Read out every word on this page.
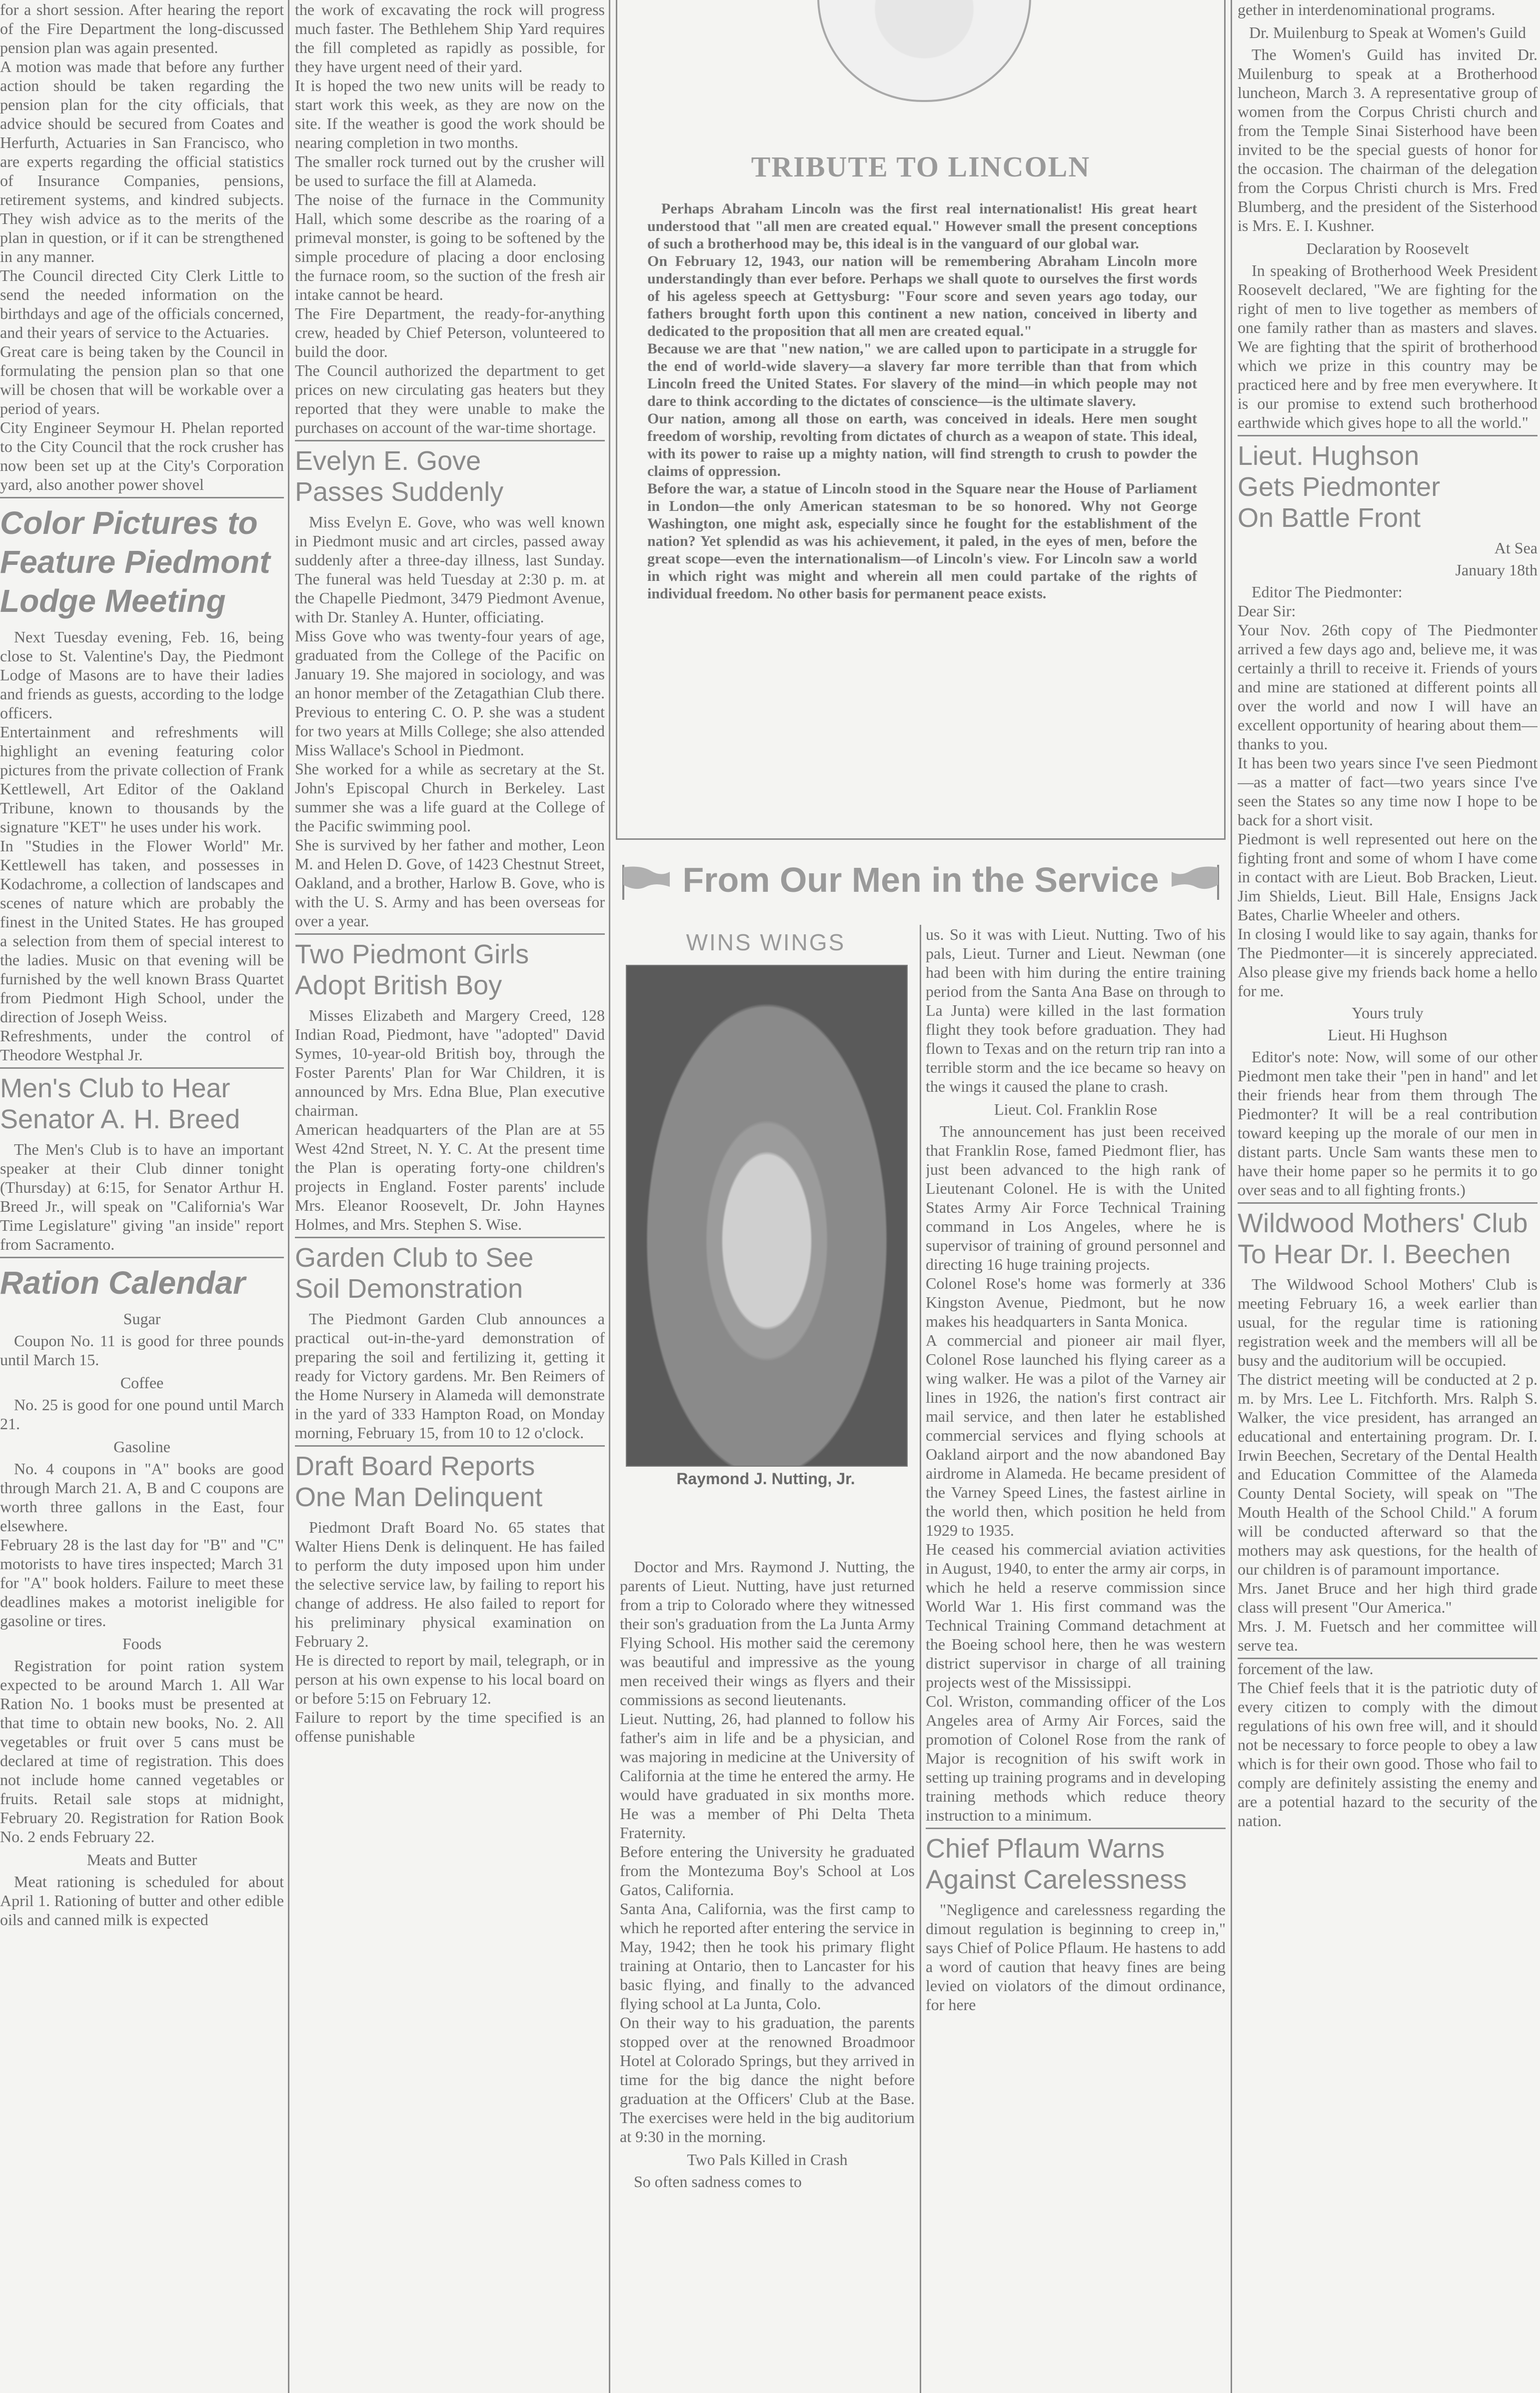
for a short session. After hearing the report of the Fire Department the long-discussed pension plan was again presented.
A motion was made that before any further action should be taken regarding the pension plan for the city officials, that advice should be secured from Coates and Herfurth, Actuaries in San Francisco, who are experts regarding the official statistics of Insurance Companies, pensions, retirement systems, and kindred subjects. They wish advice as to the merits of the plan in question, or if it can be strengthened in any manner.
The Council directed City Clerk Little to send the needed information on the birthdays and age of the officials concerned, and their years of service to the Actuaries.
Great care is being taken by the Council in formulating the pension plan so that one will be chosen that will be workable over a period of years.
City Engineer Seymour H. Phelan reported to the City Council that the rock crusher has now been set up at the City's Corporation yard, also another power shovel

Color Pictures to
Feature Piedmont
Lodge Meeting

Next Tuesday evening, Feb. 16, being close to St. Valentine's Day, the Piedmont Lodge of Masons are to have their ladies and friends as guests, according to the lodge officers.
Entertainment and refreshments will highlight an evening featuring color pictures from the private collection of Frank Kettlewell, Art Editor of the Oakland Tribune, known to thousands by the signature "KET" he uses under his work.
In "Studies in the Flower World" Mr. Kettlewell has taken, and possesses in Kodachrome, a collection of landscapes and scenes of nature which are probably the finest in the United States. He has grouped a selection from them of special interest to the ladies. Music on that evening will be furnished by the well known Brass Quartet from Piedmont High School, under the direction of Joseph Weiss.
Refreshments, under the control of Theodore Westphal Jr.

Men's Club to Hear
Senator A. H. Breed

The Men's Club is to have an important speaker at their Club dinner tonight (Thursday) at 6:15, for Senator Arthur H. Breed Jr., will speak on "California's War Time Legislature" giving "an inside" report from Sacramento.

Ration Calendar
Sugar

Coupon No. 11 is good for three pounds until March 15.

Coffee

No. 25 is good for one pound until March 21.

Gasoline

No. 4 coupons in "A" books are good through March 21. A, B and C coupons are worth three gallons in the East, four elsewhere.
February 28 is the last day for "B" and "C" motorists to have tires inspected; March 31 for "A" book holders. Failure to meet these deadlines makes a motorist ineligible for gasoline or tires.

Foods

Registration for point ration system expected to be around March 1. All War Ration No. 1 books must be presented at that time to obtain new books, No. 2. All vegetables or fruit over 5 cans must be declared at time of registration. This does not include home canned vegetables or fruits. Retail sale stops at midnight, February 20. Registration for Ration Book No. 2 ends February 22.

Meats and Butter

Meat rationing is scheduled for about April 1. Rationing of butter and other edible oils and canned milk is expected

the work of excavating the rock will progress much faster. The Bethlehem Ship Yard requires the fill completed as rapidly as possible, for they have urgent need of their yard.
It is hoped the two new units will be ready to start work this week, as they are now on the site. If the weather is good the work should be nearing completion in two months.
The smaller rock turned out by the crusher will be used to surface the fill at Alameda.
The noise of the furnace in the Community Hall, which some describe as the roaring of a primeval monster, is going to be softened by the simple procedure of placing a door enclosing the furnace room, so the suction of the fresh air intake cannot be heard.
The Fire Department, the ready-for-anything crew, headed by Chief Peterson, volunteered to build the door.
The Council authorized the department to get prices on new circulating gas heaters but they reported that they were unable to make the purchases on account of the war-time shortage.

Evelyn E. Gove
Passes Suddenly

Miss Evelyn E. Gove, who was well known in Piedmont music and art circles, passed away suddenly after a three-day illness, last Sunday. The funeral was held Tuesday at 2:30 p. m. at the Chapelle Piedmont, 3479 Piedmont Avenue, with Dr. Stanley A. Hunter, officiating.
Miss Gove who was twenty-four years of age, graduated from the College of the Pacific on January 19. She majored in sociology, and was an honor member of the Zetagathian Club there. Previous to entering C. O. P. she was a student for two years at Mills College; she also attended Miss Wallace's School in Piedmont.
She worked for a while as secretary at the St. John's Episcopal Church in Berkeley. Last summer she was a life guard at the College of the Pacific swimming pool.
She is survived by her father and mother, Leon M. and Helen D. Gove, of 1423 Chestnut Street, Oakland, and a brother, Harlow B. Gove, who is with the U. S. Army and has been overseas for over a year.

Two Piedmont Girls
Adopt British Boy

Misses Elizabeth and Margery Creed, 128 Indian Road, Piedmont, have "adopted" David Symes, 10-year-old British boy, through the Foster Parents' Plan for War Children, it is announced by Mrs. Edna Blue, Plan executive chairman.
American headquarters of the Plan are at 55 West 42nd Street, N. Y. C. At the present time the Plan is operating forty-one children's projects in England. Foster parents' include Mrs. Eleanor Roosevelt, Dr. John Haynes Holmes, and Mrs. Stephen S. Wise.

Garden Club to See
Soil Demonstration

The Piedmont Garden Club announces a practical out-in-the-yard demonstration of preparing the soil and fertilizing it, getting it ready for Victory gardens. Mr. Ben Reimers of the Home Nursery in Alameda will demonstrate in the yard of 333 Hampton Road, on Monday morning, February 15, from 10 to 12 o'clock.

Draft Board Reports
One Man Delinquent

Piedmont Draft Board No. 65 states that Walter Hiens Denk is delinquent. He has failed to perform the duty imposed upon him under the selective service law, by failing to report his change of address. He also failed to report for his preliminary physical examination on February 2.
He is directed to report by mail, telegraph, or in person at his own expense to his local board on or before 5:15 on February 12.
Failure to report by the time specified is an offense punishable

TRIBUTE TO LINCOLN

Perhaps Abraham Lincoln was the first real internationalist! His great heart understood that "all men are created equal." However small the present conceptions of such a brotherhood may be, this ideal is in the vanguard of our global war.
On February 12, 1943, our nation will be remembering Abraham Lincoln more understandingly than ever before. Perhaps we shall quote to ourselves the first words of his ageless speech at Gettysburg: "Four score and seven years ago today, our fathers brought forth upon this continent a new nation, conceived in liberty and dedicated to the proposition that all men are created equal."
Because we are that "new nation," we are called upon to participate in a struggle for the end of world-wide slavery—a slavery far more terrible than that from which Lincoln freed the United States. For slavery of the mind—in which people may not dare to think according to the dictates of conscience—is the ultimate slavery.
Our nation, among all those on earth, was conceived in ideals. Here men sought freedom of worship, revolting from dictates of church as a weapon of state. This ideal, with its power to raise up a mighty nation, will find strength to crush to powder the claims of oppression.
Before the war, a statue of Lincoln stood in the Square near the House of Parliament in London—the only American statesman to be so honored. Why not George Washington, one might ask, especially since he fought for the establishment of the nation? Yet splendid as was his achievement, it paled, in the eyes of men, before the great scope—even the internationalism—of Lincoln's view. For Lincoln saw a world in which right was might and wherein all men could partake of the rights of individual freedom. No other basis for permanent peace exists.

From Our Men in the Service
WINS WINGS
Raymond J. Nutting, Jr.

Doctor and Mrs. Raymond J. Nutting, the parents of Lieut. Nutting, have just returned from a trip to Colorado where they witnessed their son's graduation from the La Junta Army Flying School. His mother said the ceremony was beautiful and impressive as the young men received their wings as flyers and their commissions as second lieutenants.
Lieut. Nutting, 26, had planned to follow his father's aim in life and be a physician, and was majoring in medicine at the University of California at the time he entered the army. He would have graduated in six months more. He was a member of Phi Delta Theta Fraternity.
Before entering the University he graduated from the Montezuma Boy's School at Los Gatos, California.
Santa Ana, California, was the first camp to which he reported after entering the service in May, 1942; then he took his primary flight training at Ontario, then to Lancaster for his basic flying, and finally to the advanced flying school at La Junta, Colo.
On their way to his graduation, the parents stopped over at the renowned Broadmoor Hotel at Colorado Springs, but they arrived in time for the big dance the night before graduation at the Officers' Club at the Base. The exercises were held in the big auditorium at 9:30 in the morning.

Two Pals Killed in Crash

So often sadness comes to

us. So it was with Lieut. Nutting. Two of his pals, Lieut. Turner and Lieut. Newman (one had been with him during the entire training period from the Santa Ana Base on through to La Junta) were killed in the last formation flight they took before graduation. They had flown to Texas and on the return trip ran into a terrible storm and the ice became so heavy on the wings it caused the plane to crash.

Lieut. Col. Franklin Rose

The announcement has just been received that Franklin Rose, famed Piedmont flier, has just been advanced to the high rank of Lieutenant Colonel. He is with the United States Army Air Force Technical Training command in Los Angeles, where he is supervisor of training of ground personnel and directing 16 huge training projects.
Colonel Rose's home was formerly at 336 Kingston Avenue, Piedmont, but he now makes his headquarters in Santa Monica.
A commercial and pioneer air mail flyer, Colonel Rose launched his flying career as a wing walker. He was a pilot of the Varney air lines in 1926, the nation's first contract air mail service, and then later he established commercial services and flying schools at Oakland airport and the now abandoned Bay airdrome in Alameda. He became president of the Varney Speed Lines, the fastest airline in the world then, which position he held from 1929 to 1935.
He ceased his commercial aviation activities in August, 1940, to enter the army air corps, in which he held a reserve commission since World War 1. His first command was the Technical Training Command detachment at the Boeing school here, then he was western district supervisor in charge of all training projects west of the Mississippi.
Col. Wriston, commanding officer of the Los Angeles area of Army Air Forces, said the promotion of Colonel Rose from the rank of Major is recognition of his swift work in setting up training programs and in developing training methods which reduce theory instruction to a minimum.

Chief Pflaum Warns
Against Carelessness

"Negligence and carelessness regarding the dimout regulation is beginning to creep in," says Chief of Police Pflaum. He hastens to add a word of caution that heavy fines are being levied on violators of the dimout ordinance, for here

gether in interdenominational programs.

Dr. Muilenburg to Speak at Women's Guild

The Women's Guild has invited Dr. Muilenburg to speak at a Brotherhood luncheon, March 3. A representative group of women from the Corpus Christi church and from the Temple Sinai Sisterhood have been invited to be the special guests of honor for the occasion. The chairman of the delegation from the Corpus Christi church is Mrs. Fred Blumberg, and the president of the Sisterhood is Mrs. E. I. Kushner.

Declaration by Roosevelt

In speaking of Brotherhood Week President Roosevelt declared, "We are fighting for the right of men to live together as members of one family rather than as masters and slaves. We are fighting that the spirit of brotherhood which we prize in this country may be practiced here and by free men everywhere. It is our promise to extend such brotherhood earthwide which gives hope to all the world."

Lieut. Hughson
Gets Piedmonter
On Battle Front

At Sea

January 18th

Editor The Piedmonter:
Dear Sir:
Your Nov. 26th copy of The Piedmonter arrived a few days ago and, believe me, it was certainly a thrill to receive it. Friends of yours and mine are stationed at different points all over the world and now I will have an excellent opportunity of hearing about them—thanks to you.
It has been two years since I've seen Piedmont—as a matter of fact—two years since I've seen the States so any time now I hope to be back for a short visit.
Piedmont is well represented out here on the fighting front and some of whom I have come in contact with are Lieut. Bob Bracken, Lieut. Jim Shields, Lieut. Bill Hale, Ensigns Jack Bates, Charlie Wheeler and others.
In closing I would like to say again, thanks for The Piedmonter—it is sincerely appreciated. Also please give my friends back home a hello for me.

Yours truly

Lieut. Hi Hughson

Editor's note: Now, will some of our other Piedmont men take their "pen in hand" and let their friends hear from them through The Piedmonter? It will be a real contribution toward keeping up the morale of our men in distant parts. Uncle Sam wants these men to have their home paper so he permits it to go over seas and to all fighting fronts.)

Wildwood Mothers' Club
To Hear Dr. I. Beechen

The Wildwood School Mothers' Club is meeting February 16, a week earlier than usual, for the regular time is rationing registration week and the members will all be busy and the auditorium will be occupied.
The district meeting will be conducted at 2 p. m. by Mrs. Lee L. Fitchforth. Mrs. Ralph S. Walker, the vice president, has arranged an educational and entertaining program. Dr. I. Irwin Beechen, Secretary of the Dental Health and Education Committee of the Alameda County Dental Society, will speak on "The Mouth Health of the School Child." A forum will be conducted afterward so that the mothers may ask questions, for the health of our children is of paramount importance.
Mrs. Janet Bruce and her high third grade class will present "Our America."
Mrs. J. M. Fuetsch and her committee will serve tea.

forcement of the law.
The Chief feels that it is the patriotic duty of every citizen to comply with the dimout regulations of his own free will, and it should not be necessary to force people to obey a law which is for their own good. Those who fail to comply are definitely assisting the enemy and are a potential hazard to the security of the nation.
